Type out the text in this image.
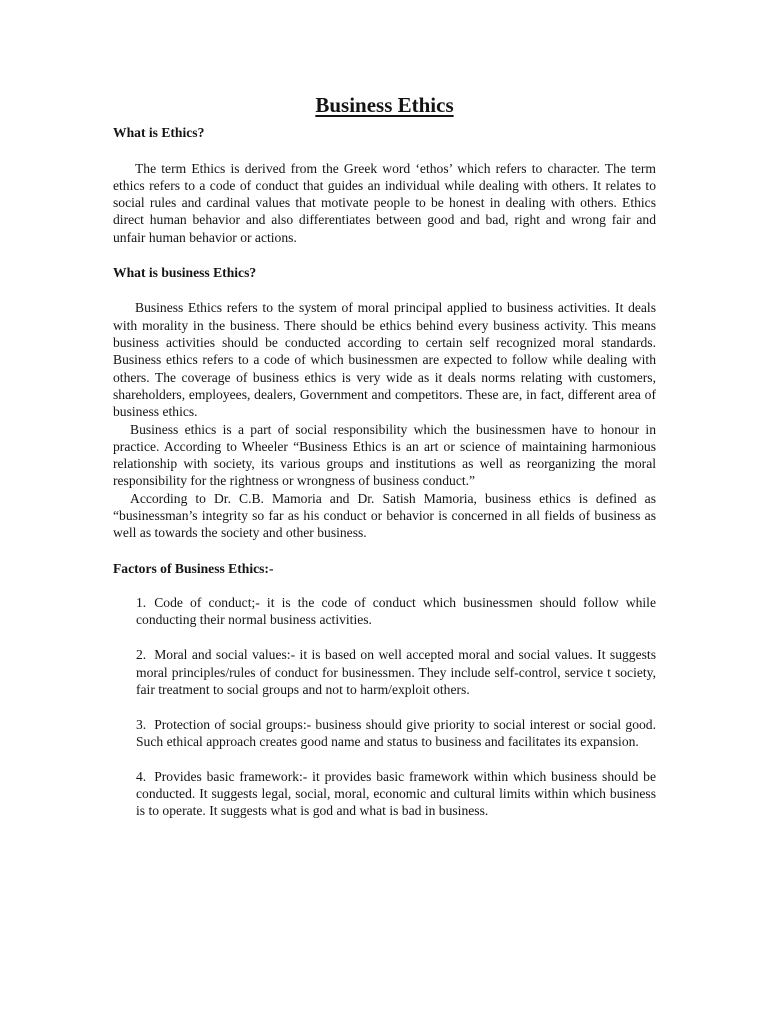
Business Ethics

What is Ethics?

The term Ethics is derived from the Greek word ‘ethos’ which refers to character. The term ethics refers to a code of conduct that guides an individual while dealing with others. It relates to social rules and cardinal values that motivate people to be honest in dealing with others. Ethics direct human behavior and also differentiates between good and bad, right and wrong fair and unfair human behavior or actions.

What is business Ethics?

Business Ethics refers to the system of moral principal applied to business activities. It deals with morality in the business. There should be ethics behind every business activity. This means business activities should be conducted according to certain self recognized moral standards. Business ethics refers to a code of which businessmen are expected to follow while dealing with others. The coverage of business ethics is very wide as it deals norms relating with customers, shareholders, employees, dealers, Government and competitors. These are, in fact, different area of business ethics.

Business ethics is a part of social responsibility which the businessmen have to honour in practice. According to Wheeler “Business Ethics is an art or science of maintaining harmonious relationship with society, its various groups and institutions as well as reorganizing the moral responsibility for the rightness or wrongness of business conduct.”

According to Dr. C.B. Mamoria and Dr. Satish Mamoria, business ethics is defined as “businessman’s integrity so far as his conduct or behavior is concerned in all fields of business as well as towards the society and other business.

Factors of Business Ethics:-

1. Code of conduct;- it is the code of conduct which businessmen should follow while conducting their normal business activities.
2. Moral and social values:- it is based on well accepted moral and social values. It suggests moral principles/rules of conduct for businessmen. They include self-control, service t society, fair treatment to social groups and not to harm/exploit others.
3. Protection of social groups:- business should give priority to social interest or social good. Such ethical approach creates good name and status to business and facilitates its expansion.
4. Provides basic framework:- it provides basic framework within which business should be conducted. It suggests legal, social, moral, economic and cultural limits within which business is to operate. It suggests what is god and what is bad in business.
